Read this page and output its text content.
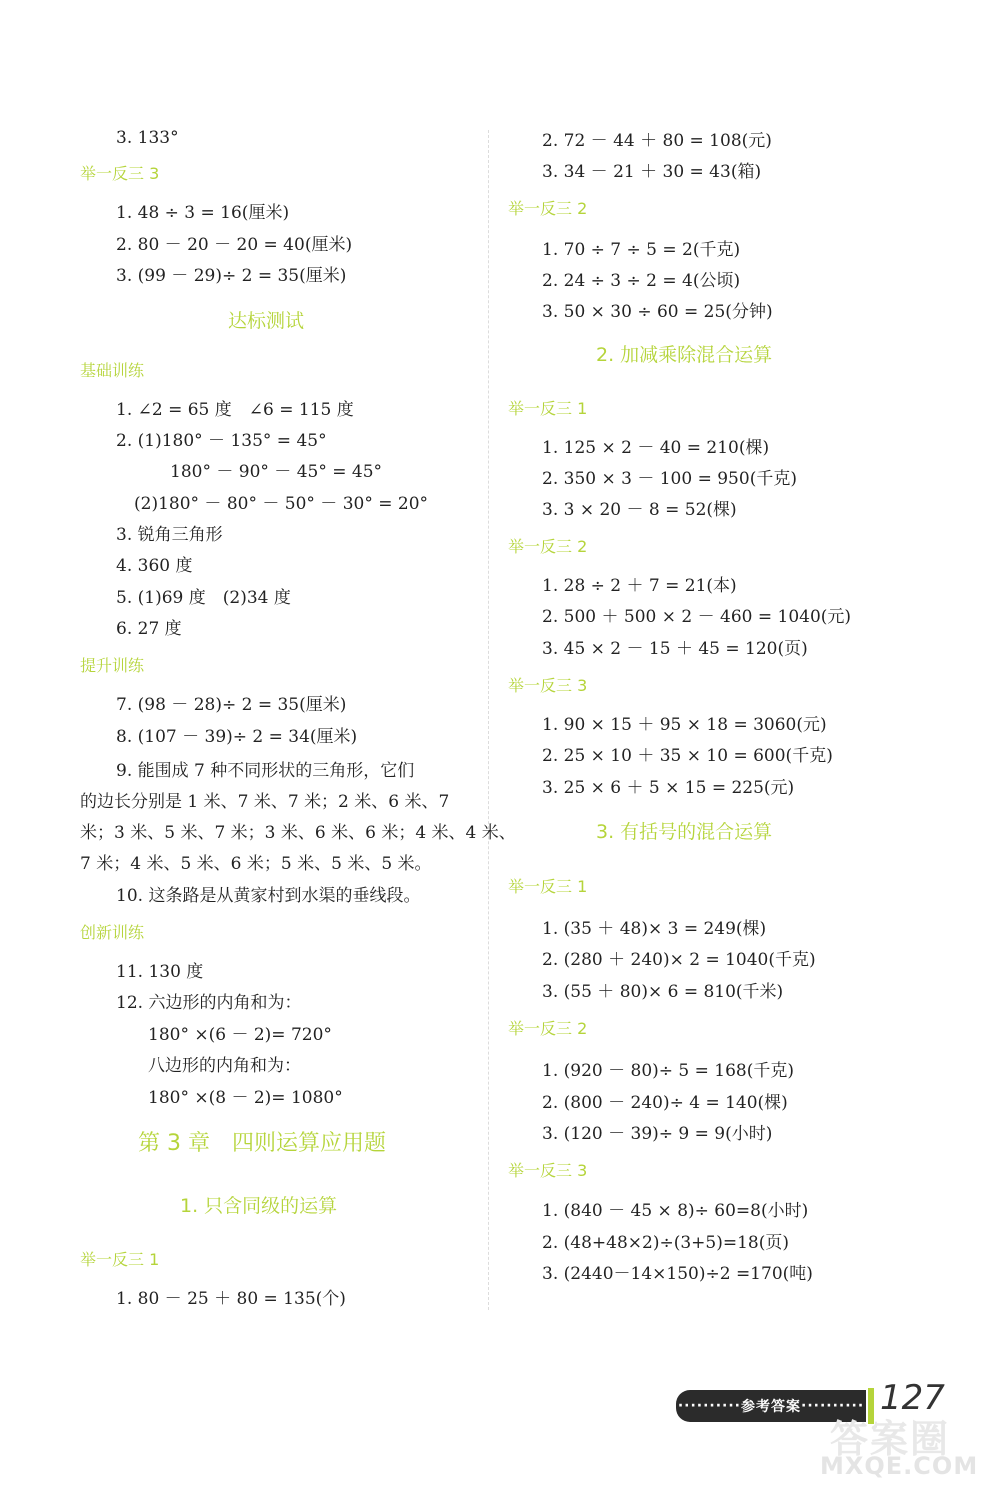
3. 133°
举一反三 3
1. 48 ÷ 3 = 16(厘米)
2. 80 － 20 － 20 = 40(厘米)
3. (99 － 29)÷ 2 = 35(厘米)
达标测试
基础训练
1. ∠2 = 65 度　∠6 = 115 度
2. (1)180° － 135° = 45°
180° － 90° － 45° = 45°
(2)180° － 80° － 50° － 30° = 20°
3. 锐角三角形
4. 360 度
5. (1)69 度　(2)34 度
6. 27 度
提升训练
7. (98 － 28)÷ 2 = 35(厘米)
8. (107 － 39)÷ 2 = 34(厘米)
9. 能围成 7 种不同形状的三角形，它们
的边长分别是 1 米、7 米、7 米；2 米、6 米、7
米；3 米、5 米、7 米；3 米、6 米、6 米；4 米、4 米、
7 米；4 米、5 米、6 米；5 米、5 米、5 米。
10. 这条路是从黄家村到水渠的垂线段。
创新训练
11. 130 度
12. 六边形的内角和为：
180° ×(6 － 2)= 720°
八边形的内角和为：
180° ×(8 － 2)= 1080°
第 3 章　四则运算应用题
1. 只含同级的运算
举一反三 1
1. 80 － 25 ＋ 80 = 135(个)
2. 72 － 44 ＋ 80 = 108(元)
3. 34 － 21 ＋ 30 = 43(箱)
举一反三 2
1. 70 ÷ 7 ÷ 5 = 2(千克)
2. 24 ÷ 3 ÷ 2 = 4(公顷)
3. 50 × 30 ÷ 60 = 25(分钟)
2. 加减乘除混合运算
举一反三 1
1. 125 × 2 － 40 = 210(棵)
2. 350 × 3 － 100 = 950(千克)
3. 3 × 20 － 8 = 52(棵)
举一反三 2
1. 28 ÷ 2 ＋ 7 = 21(本)
2. 500 ＋ 500 × 2 － 460 = 1040(元)
3. 45 × 2 － 15 ＋ 45 = 120(页)
举一反三 3
1. 90 × 15 ＋ 95 × 18 = 3060(元)
2. 25 × 10 ＋ 35 × 10 = 600(千克)
3. 25 × 6 ＋ 5 × 15 = 225(元)
3. 有括号的混合运算
举一反三 1
1. (35 ＋ 48)× 3 = 249(棵)
2. (280 ＋ 240)× 2 = 1040(千克)
3. (55 ＋ 80)× 6 = 810(千米)
举一反三 2
1. (920 － 80)÷ 5 = 168(千克)
2. (800 － 240)÷ 4 = 140(棵)
3. (120 － 39)÷ 9 = 9(小时)
举一反三 3
1. (840 － 45 × 8)÷ 60=8(小时)
2. (48+48×2)÷(3+5)=18(页)
3. (2440－14×150)÷2 =170(吨)
·········· 参考答案 ··········
答案圈
127
MXQE.COM
